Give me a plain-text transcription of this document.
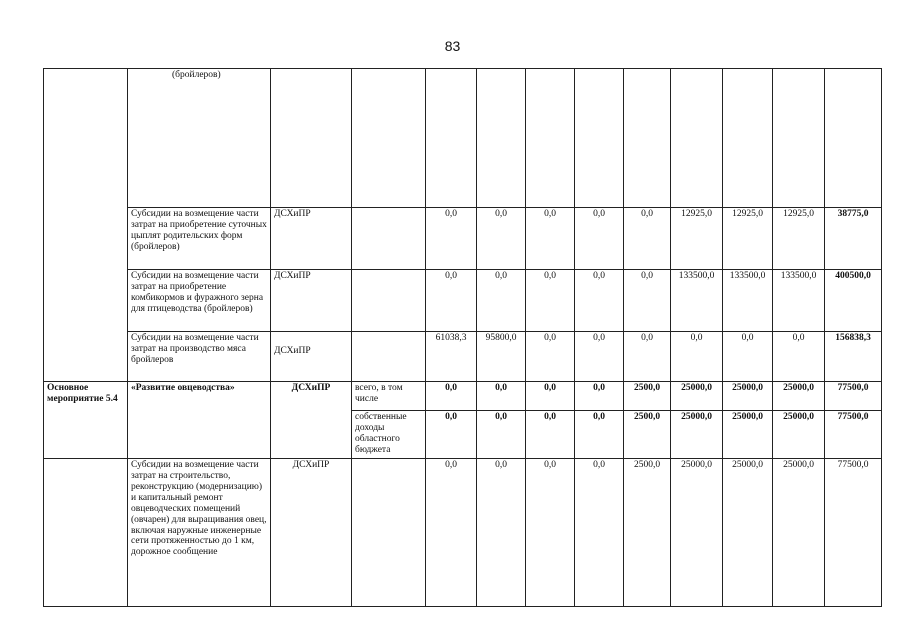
83
	(бройлеров)											
	Субсидии на возмещение части затрат на приобретение суточных цыплят родительских форм (бройлеров)	ДСХиПР		0,0	0,0	0,0	0,0	0,0	12925,0	12925,0	12925,0	38775,0
	Субсидии на возмещение части затрат на приобретение комбикормов и фуражного зерна для птицеводства (бройлеров)	ДСХиПР		0,0	0,0	0,0	0,0	0,0	133500,0	133500,0	133500,0	400500,0
	Субсидии на возмещение части затрат на производство мяса бройлеров	ДСХиПР		61038,3	95800,0	0,0	0,0	0,0	0,0	0,0	0,0	156838,3
Основное мероприятие 5.4	«Развитие овцеводства»	ДСХиПР	всего, в том числе	0,0	0,0	0,0	0,0	2500,0	25000,0	25000,0	25000,0	77500,0
			собственные доходы областного бюджета	0,0	0,0	0,0	0,0	2500,0	25000,0	25000,0	25000,0	77500,0
	Субсидии на возмещение части затрат на строительство, реконструкцию (модернизацию) и капитальный ремонт овцеводческих помещений (овчарен) для выращивания овец, включая наружные инженерные сети протяженностью до 1 км, дорожное сообщение	ДСХиПР		0,0	0,0	0,0	0,0	2500,0	25000,0	25000,0	25000,0	77500,0
